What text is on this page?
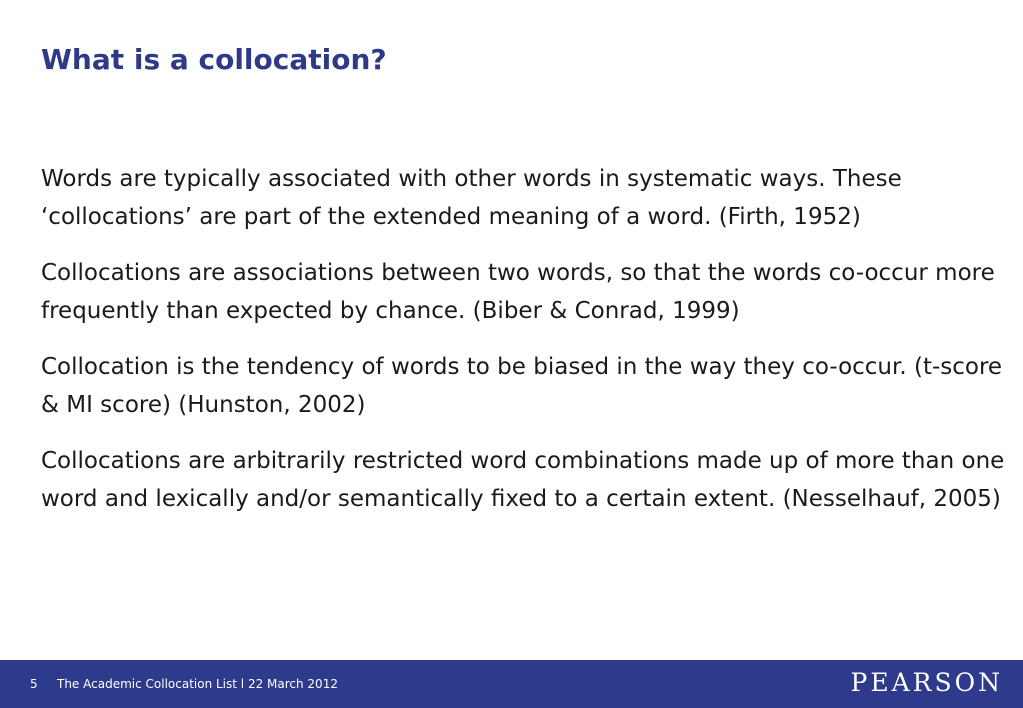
What is a collocation?

Words are typically associated with other words in systematic ways. These ‘collocations’ are part of the extended meaning of a word. (Firth, 1952)

Collocations are associations between two words, so that the words co-occur more frequently than expected by chance. (Biber & Conrad, 1999)

Collocation is the tendency of words to be biased in the way they co-occur. (t-score & MI score) (Hunston, 2002)

Collocations are arbitrarily restricted word combinations made up of more than one word and lexically and/or semantically fixed to a certain extent. (Nesselhauf, 2005)

5 The Academic Collocation List l 22 March 2012	PEARSON
